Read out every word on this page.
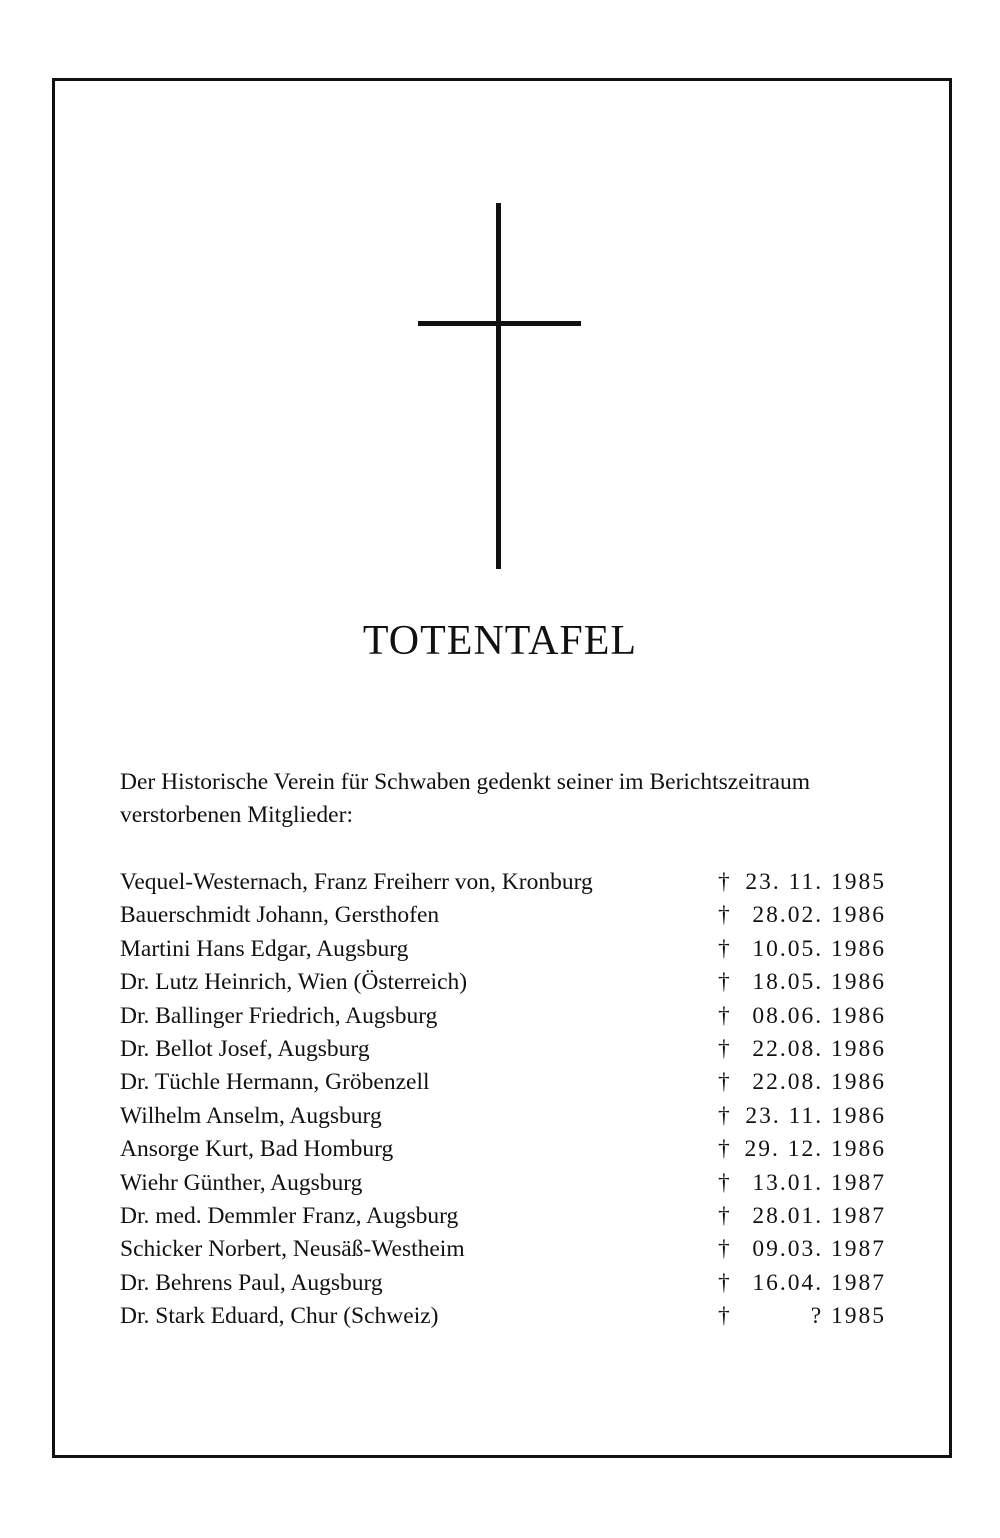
TOTENTAFEL

Der Historische Verein für Schwaben gedenkt seiner im Berichtszeitraum verstorbenen Mitglieder:

Vequel-Westernach, Franz Freiherr von, Kronburg	† 23. 11. 1985
Bauerschmidt Johann, Gersthofen	† 28.02. 1986
Martini Hans Edgar, Augsburg	† 10.05. 1986
Dr. Lutz Heinrich, Wien (Österreich)	† 18.05. 1986
Dr. Ballinger Friedrich, Augsburg	† 08.06. 1986
Dr. Bellot Josef, Augsburg	† 22.08. 1986
Dr. Tüchle Hermann, Gröbenzell	† 22.08. 1986
Wilhelm Anselm, Augsburg	† 23. 11. 1986
Ansorge Kurt, Bad Homburg	† 29. 12. 1986
Wiehr Günther, Augsburg	† 13.01. 1987
Dr. med. Demmler Franz, Augsburg	† 28.01. 1987
Schicker Norbert, Neusäß-Westheim	† 09.03. 1987
Dr. Behrens Paul, Augsburg	† 16.04. 1987
Dr. Stark Eduard, Chur (Schweiz)	†	? 1985
